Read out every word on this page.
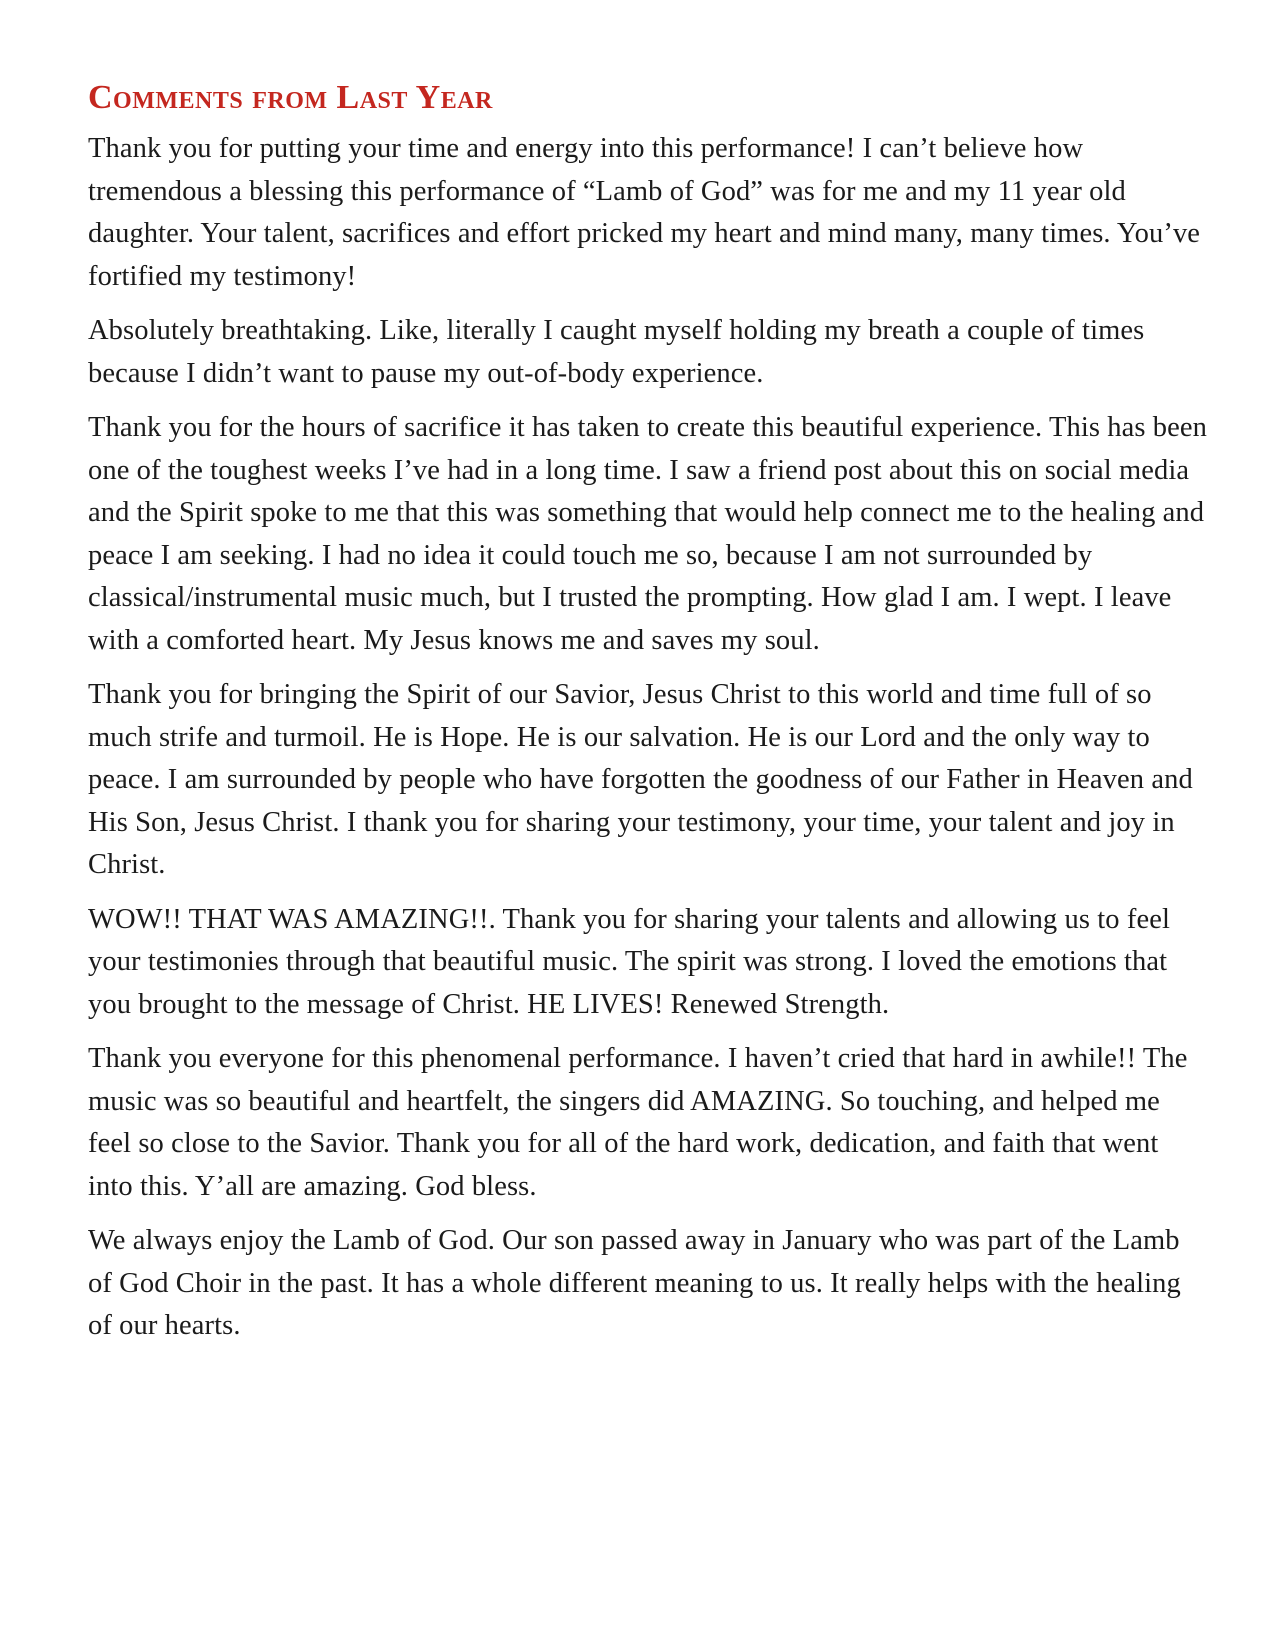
Comments from Last Year

Thank you for putting your time and energy into this performance! I can’t believe how tremendous a blessing this performance of “Lamb of God” was for me and my 11 year old daughter. Your talent, sacrifices and effort pricked my heart and mind many, many times. You’ve fortified my testimony!

Absolutely breathtaking. Like, literally I caught myself holding my breath a couple of times because I didn’t want to pause my out-of-body experience.

Thank you for the hours of sacrifice it has taken to create this beautiful experience. This has been one of the toughest weeks I’ve had in a long time. I saw a friend post about this on social media and the Spirit spoke to me that this was something that would help connect me to the healing and peace I am seeking. I had no idea it could touch me so, because I am not surrounded by classical/instrumental music much, but I trusted the prompting. How glad I am. I wept. I leave with a comforted heart. My Jesus knows me and saves my soul.

Thank you for bringing the Spirit of our Savior, Jesus Christ to this world and time full of so much strife and turmoil. He is Hope. He is our salvation. He is our Lord and the only way to peace. I am surrounded by people who have forgotten the goodness of our Father in Heaven and His Son, Jesus Christ. I thank you for sharing your testimony, your time, your talent and joy in Christ.

WOW!! THAT WAS AMAZING!!. Thank you for sharing your talents and allowing us to feel your testimonies through that beautiful music. The spirit was strong. I loved the emotions that you brought to the message of Christ. HE LIVES! Renewed Strength.

Thank you everyone for this phenomenal performance. I haven’t cried that hard in awhile!! The music was so beautiful and heartfelt, the singers did AMAZING. So touching, and helped me feel so close to the Savior. Thank you for all of the hard work, dedication, and faith that went into this. Y’all are amazing. God bless.

We always enjoy the Lamb of God. Our son passed away in January who was part of the Lamb of God Choir in the past. It has a whole different meaning to us. It really helps with the healing of our hearts.
